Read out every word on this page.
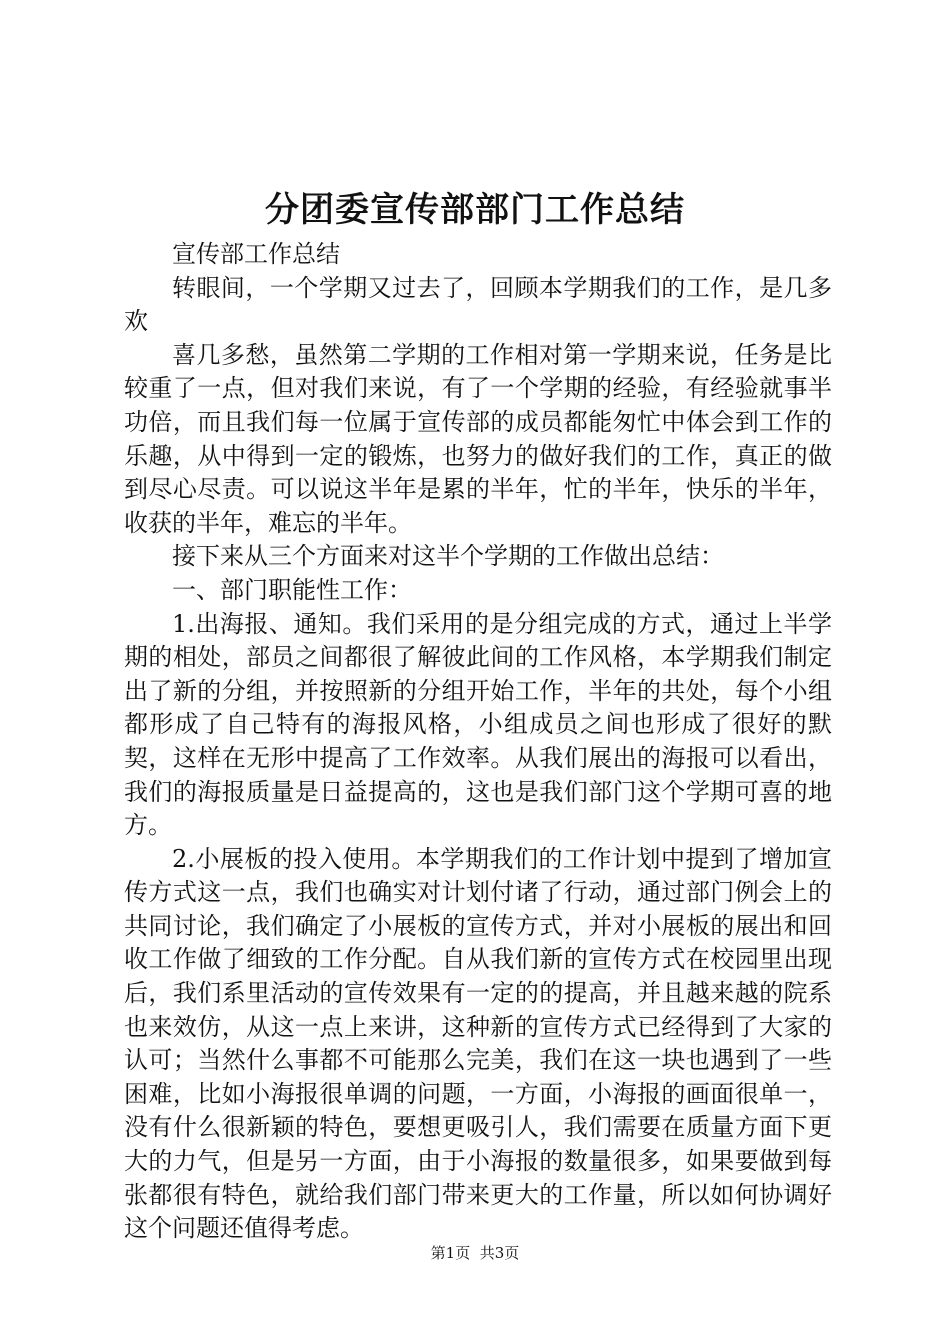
分团委宣传部部门工作总结

宣传部工作总结

转眼间，一个学期又过去了，回顾本学期我们的工作，是几多欢

喜几多愁，虽然第二学期的工作相对第一学期来说，任务是比较重了一点，但对我们来说，有了一个学期的经验，有经验就事半功倍，而且我们每一位属于宣传部的成员都能匆忙中体会到工作的乐趣，从中得到一定的锻炼，也努力的做好我们的工作，真正的做到尽心尽责。可以说这半年是累的半年，忙的半年，快乐的半年，收获的半年，难忘的半年。

接下来从三个方面来对这半个学期的工作做出总结：

一、部门职能性工作：

1.出海报、通知。我们采用的是分组完成的方式，通过上半学期的相处，部员之间都很了解彼此间的工作风格，本学期我们制定出了新的分组，并按照新的分组开始工作，半年的共处，每个小组都形成了自己特有的海报风格，小组成员之间也形成了很好的默契，这样在无形中提高了工作效率。从我们展出的海报可以看出，我们的海报质量是日益提高的，这也是我们部门这个学期可喜的地方。

2.小展板的投入使用。本学期我们的工作计划中提到了增加宣传方式这一点，我们也确实对计划付诸了行动，通过部门例会上的共同讨论，我们确定了小展板的宣传方式，并对小展板的展出和回收工作做了细致的工作分配。自从我们新的宣传方式在校园里出现后，我们系里活动的宣传效果有一定的的提高，并且越来越的院系也来效仿，从这一点上来讲，这种新的宣传方式已经得到了大家的认可；当然什么事都不可能那么完美，我们在这一块也遇到了一些困难，比如小海报很单调的问题，一方面，小海报的画面很单一，没有什么很新颖的特色，要想更吸引人，我们需要在质量方面下更大的力气，但是另一方面，由于小海报的数量很多，如果要做到每张都很有特色，就给我们部门带来更大的工作量，所以如何协调好这个问题还值得考虑。

第1页 共3页
